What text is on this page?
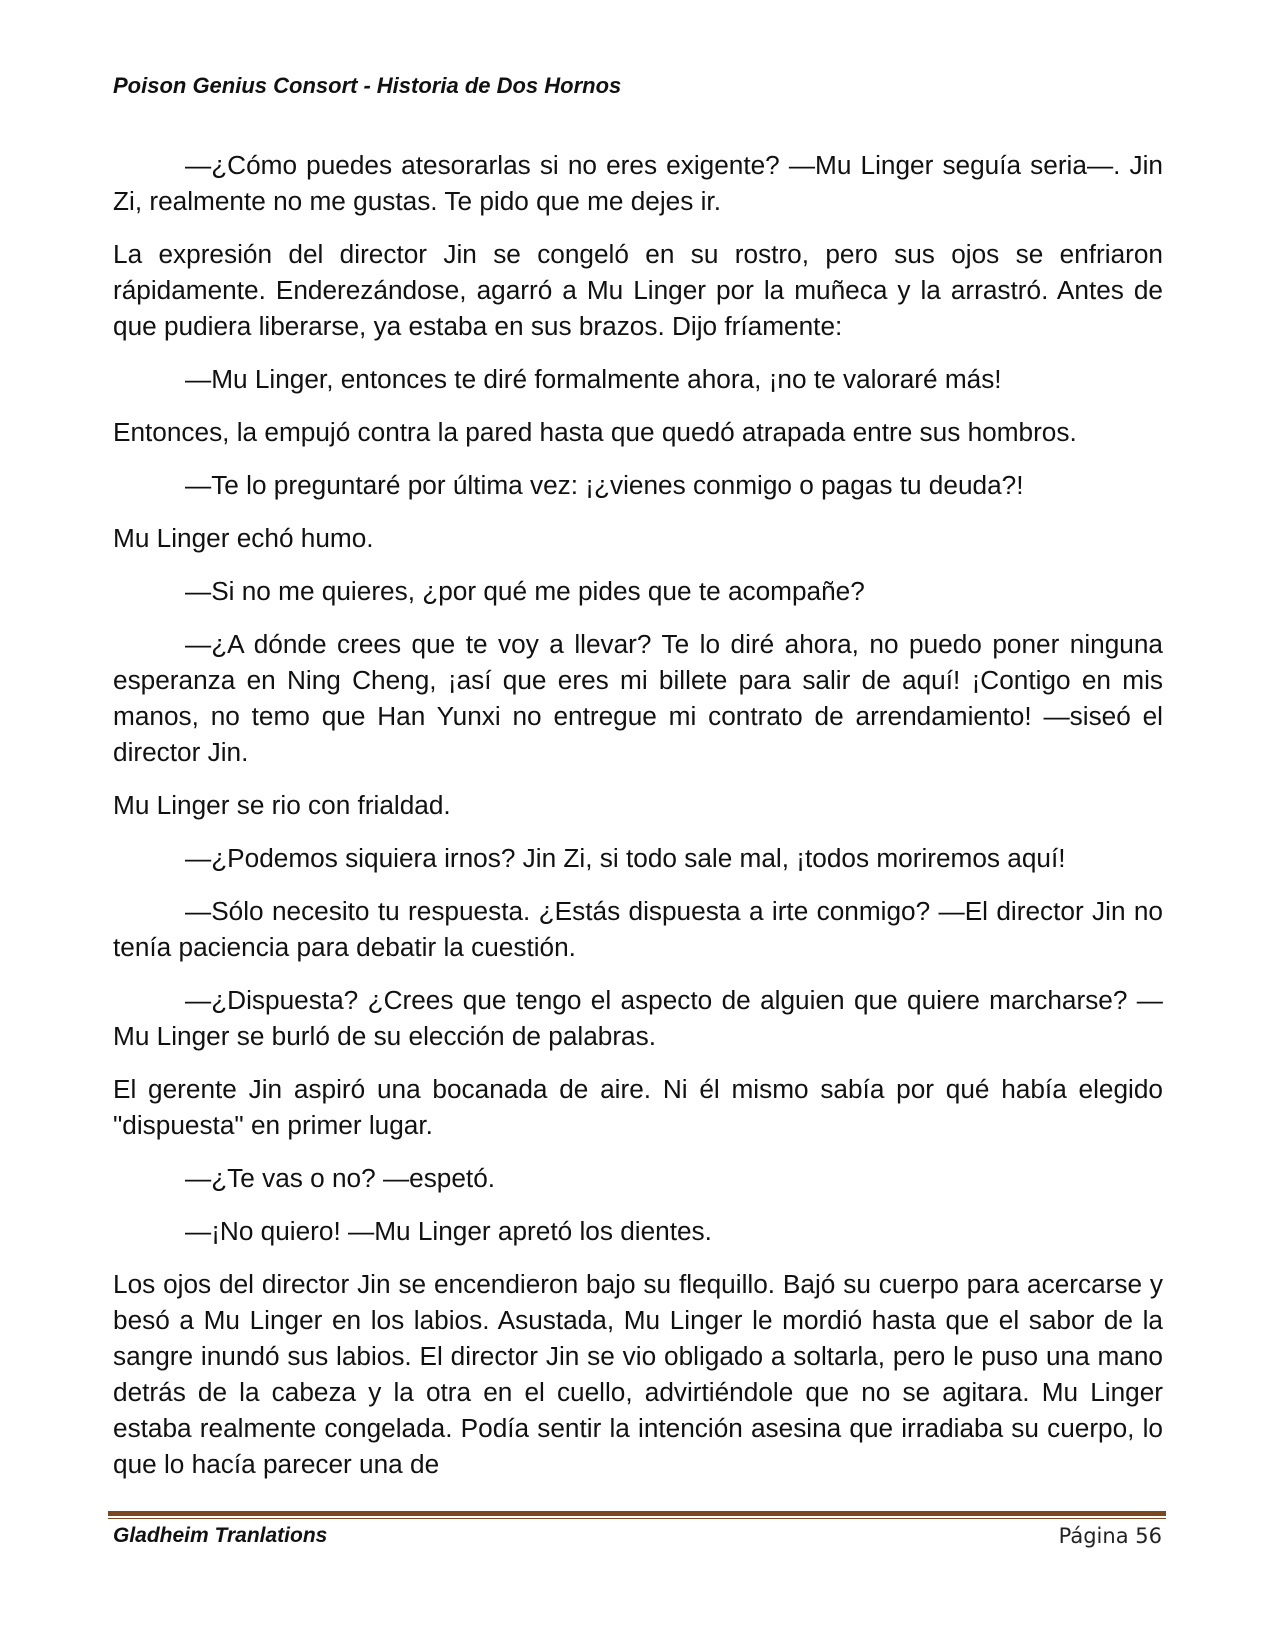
Poison Genius Consort - Historia de Dos Hornos

—¿Cómo puedes atesorarlas si no eres exigente? —Mu Linger seguía seria—. Jin Zi, realmente no me gustas. Te pido que me dejes ir.

La expresión del director Jin se congeló en su rostro, pero sus ojos se enfriaron rápidamente. Enderezándose, agarró a Mu Linger por la muñeca y la arrastró. Antes de que pudiera liberarse, ya estaba en sus brazos. Dijo fríamente:

—Mu Linger, entonces te diré formalmente ahora, ¡no te valoraré más!

Entonces, la empujó contra la pared hasta que quedó atrapada entre sus hombros.

—Te lo preguntaré por última vez: ¡¿vienes conmigo o pagas tu deuda?!

Mu Linger echó humo.

—Si no me quieres, ¿por qué me pides que te acompañe?

—¿A dónde crees que te voy a llevar? Te lo diré ahora, no puedo poner ninguna esperanza en Ning Cheng, ¡así que eres mi billete para salir de aquí! ¡Contigo en mis manos, no temo que Han Yunxi no entregue mi contrato de arrendamiento! —siseó el director Jin.

Mu Linger se rio con frialdad.

—¿Podemos siquiera irnos? Jin Zi, si todo sale mal, ¡todos moriremos aquí!

—Sólo necesito tu respuesta. ¿Estás dispuesta a irte conmigo? —El director Jin no tenía paciencia para debatir la cuestión.

—¿Dispuesta? ¿Crees que tengo el aspecto de alguien que quiere marcharse? —Mu Linger se burló de su elección de palabras.

El gerente Jin aspiró una bocanada de aire. Ni él mismo sabía por qué había elegido "dispuesta" en primer lugar.

—¿Te vas o no? —espetó.

—¡No quiero! —Mu Linger apretó los dientes.

Los ojos del director Jin se encendieron bajo su flequillo. Bajó su cuerpo para acercarse y besó a Mu Linger en los labios. Asustada, Mu Linger le mordió hasta que el sabor de la sangre inundó sus labios. El director Jin se vio obligado a soltarla, pero le puso una mano detrás de la cabeza y la otra en el cuello, advirtiéndole que no se agitara. Mu Linger estaba realmente congelada. Podía sentir la intención asesina que irradiaba su cuerpo, lo que lo hacía parecer una de

Gladheim Tranlations	Página 56
